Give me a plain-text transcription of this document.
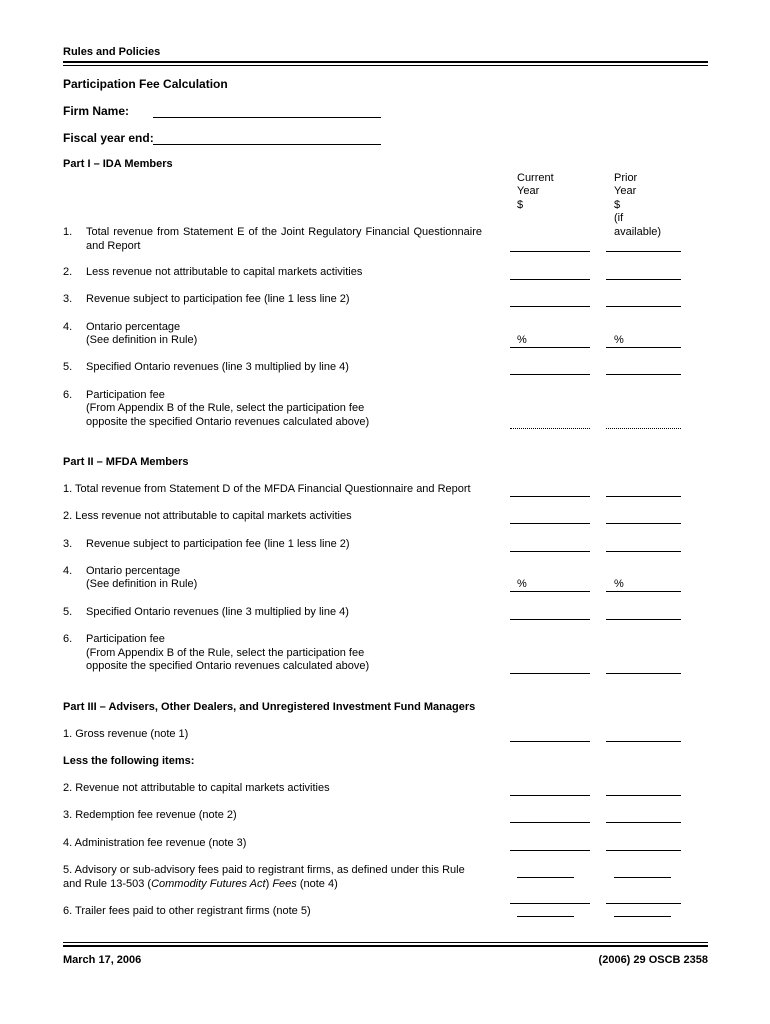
Rules and Policies
Participation Fee Calculation
Firm Name:
Fiscal year end:
Part I – IDA Members
Current
Year
$
Prior
Year
$
(if
available)
1. Total revenue from Statement E of the Joint Regulatory Financial Questionnaire and Report
2. Less revenue not attributable to capital markets activities
3. Revenue subject to participation fee (line 1 less line 2)
4. Ontario percentage
(See definition in Rule)	%	%
5. Specified Ontario revenues (line 3 multiplied by line 4)
6. Participation fee
(From Appendix B of the Rule, select the participation fee
opposite the specified Ontario revenues calculated above)
Part II – MFDA Members
1. Total revenue from Statement D of the MFDA Financial Questionnaire and Report
2. Less revenue not attributable to capital markets activities
3. Revenue subject to participation fee (line 1 less line 2)
4. Ontario percentage
(See definition in Rule)	%	%
5. Specified Ontario revenues (line 3 multiplied by line 4)
6. Participation fee
(From Appendix B of the Rule, select the participation fee
opposite the specified Ontario revenues calculated above)
Part III – Advisers, Other Dealers, and Unregistered Investment Fund Managers
1. Gross revenue (note 1)
Less the following items:
2. Revenue not attributable to capital markets activities
3. Redemption fee revenue (note 2)
4. Administration fee revenue (note 3)
5. Advisory or sub-advisory fees paid to registrant firms, as defined under this Rule
and Rule 13-503 (Commodity Futures Act) Fees (note 4)
6. Trailer fees paid to other registrant firms (note 5)
March 17, 2006	(2006) 29 OSCB 2358
